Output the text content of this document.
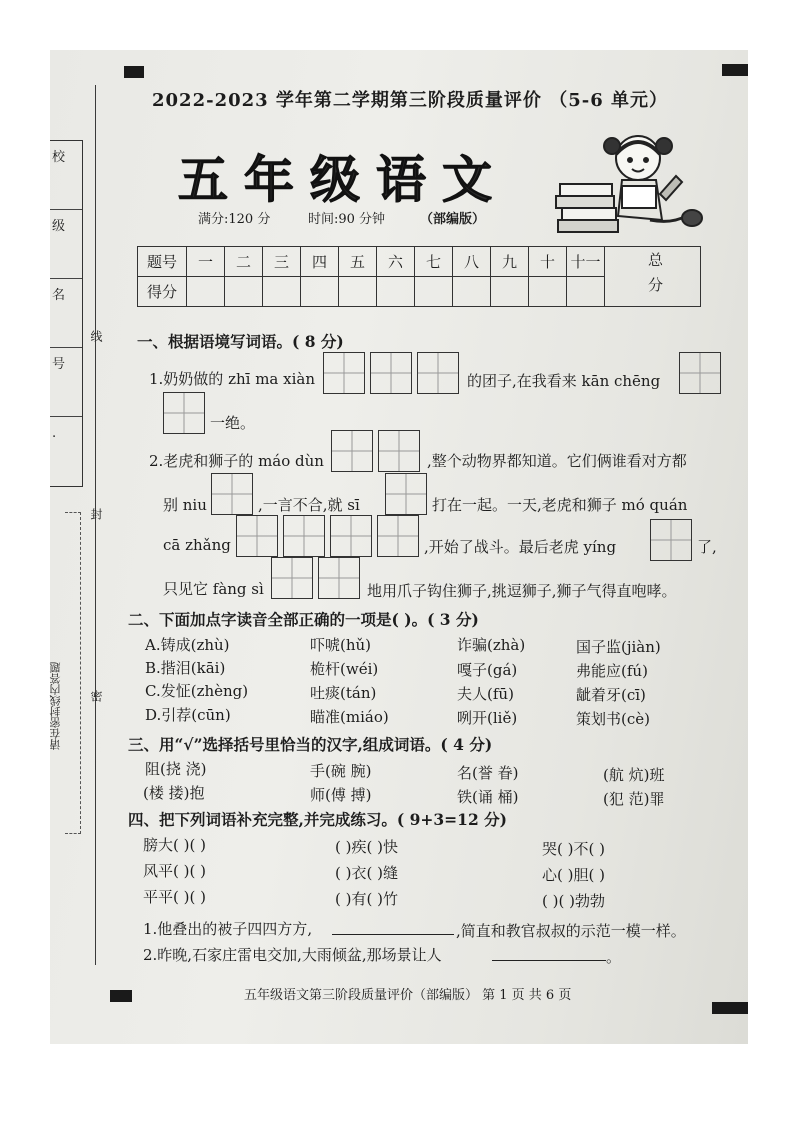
校
级
名
号
.
线
封
密
请在密封线内答题
2022-2023 学年第二学期第三阶段质量评价 （5-6 单元）
五年级语文
满分:120 分	时间:90 分钟	（部编版）
题号	一	二	三	四	五	六	七	八	九	十	十一	总分
得分												
一、根据语境写词语。( 8 分)
1.奶奶做的 zhī ma xiàn	的团子,在我看来 kān chēng
一绝。
2.老虎和狮子的 máo dùn	,整个动物界都知道。它们俩谁看对方都
别 niu	,一言不合,就 sī	打在一起。一天,老虎和狮子 mó quán
cā zhǎng	,开始了战斗。最后老虎 yíng	了,
只见它 fàng sì	地用爪子钩住狮子,挑逗狮子,狮子气得直咆哮。
二、下面加点字读音全部正确的一项是( )。( 3 分)
A.铸成(zhù)	吓唬(hǔ)	诈骗(zhà)	国子监(jiàn)
B.揩泪(kāi)	桅杆(wéi)	嘎子(gá)	弗能应(fú)
C.发怔(zhèng)	吐痰(tán)	夫人(fū)	龇着牙(cī)
D.引荐(cūn)	瞄准(miáo)	咧开(liě)	策划书(cè)
三、用“√”选择括号里恰当的汉字,组成词语。( 4 分)
阻(挠 浇)	手(碗 腕)	名(誉 眷)	(航 炕)班
(楼 搂)抱	师(傅 搏)	铁(诵 桶)	(犯 范)罪
四、把下列词语补充完整,并完成练习。( 9+3=12 分)
膀大( )( )	( )疾( )快	哭( )不( )
风平( )( )	( )衣( )缝	心( )胆( )
平平( )( )	( )有( )竹	( )( )勃勃
1.他叠出的被子四四方方,	,简直和教官叔叔的示范一模一样。
2.昨晚,石家庄雷电交加,大雨倾盆,那场景让人	。
五年级语文第三阶段质量评价（部编版） 第 1 页 共 6 页
